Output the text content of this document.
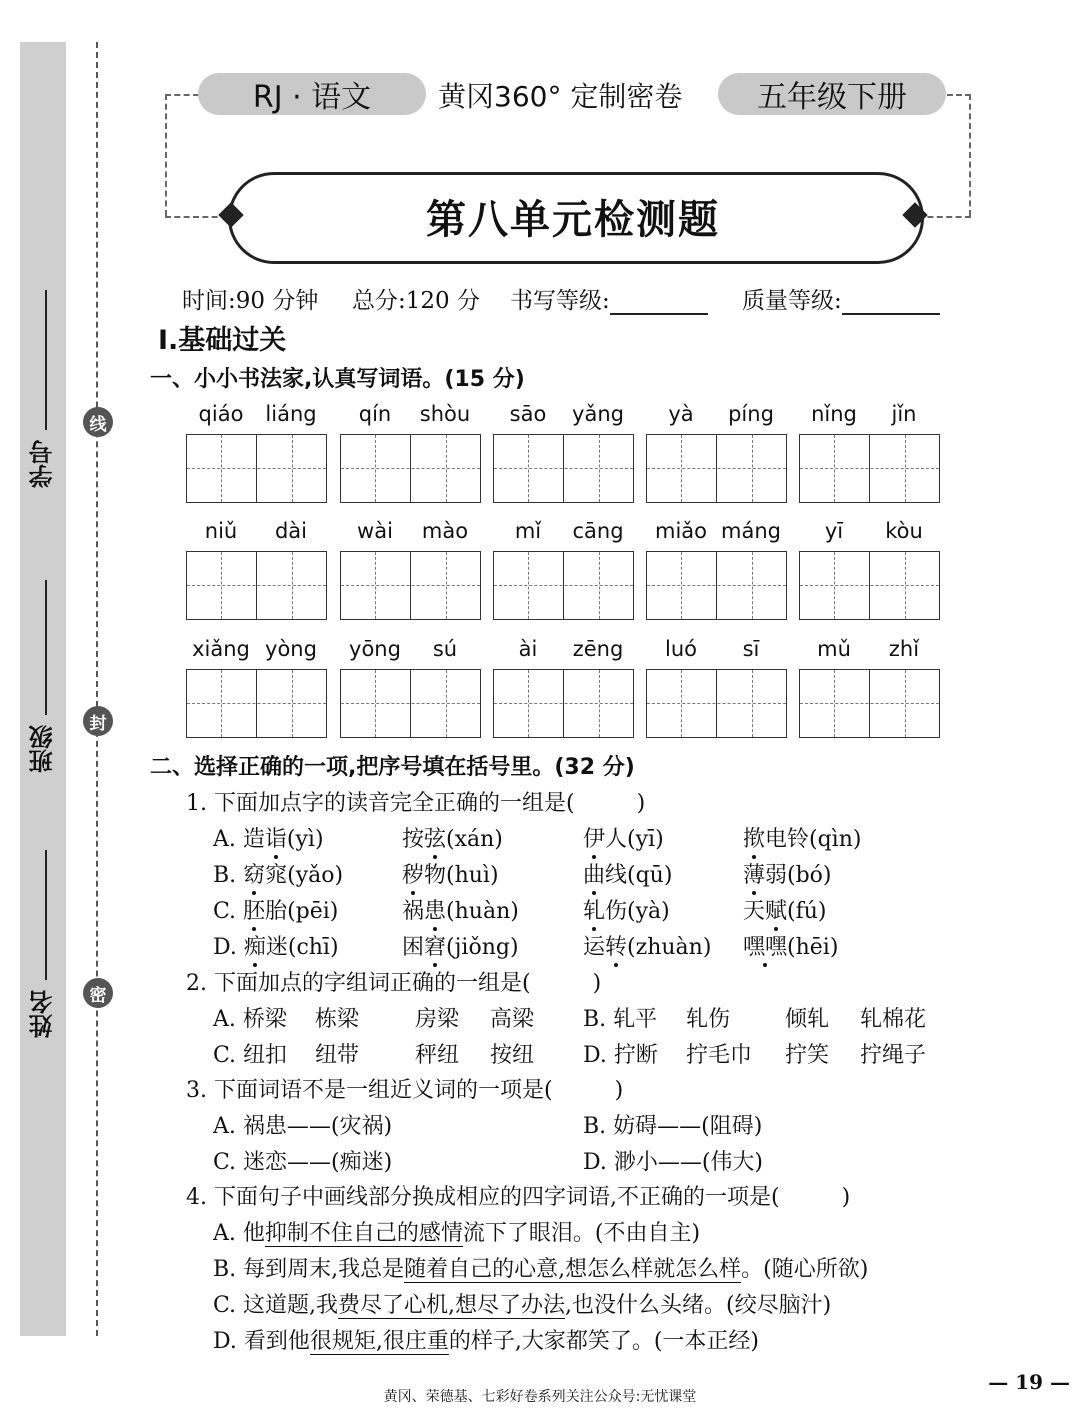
学号
班级
姓名
线
封
密
RJ · 语文	黄冈360° 定制密卷	五年级下册
第八单元检测题
时间:90 分钟 总分:120 分 书写等级:	质量等级:
Ⅰ.基础过关
一、小小书法家,认真写词语。(15 分)
qiáo	liáng	qín	shòu	sāo	yǎng	yà	píng	nǐng	jǐn
niǔ	dài	wài	mào	mǐ	cāng	miǎo máng	yī	kòu
xiǎng yòng	yōng	sú	ài	zēng	luó	sī	mǔ	zhǐ
二、选择正确的一项,把序号填在括号里。(32 分)
1. 下面加点字的读音完全正确的一组是(	)
A. 造诣(yì)	按弦(xán)	伊人(yī)	揿电铃(qìn)
B. 窈窕(yǎo)	秽物(huì)	曲线(qū)	薄弱(bó)
C. 胚胎(pēi)	祸患(huàn)	轧伤(yà)	天赋(fú)
D. 痴迷(chī)	困窘(jiǒng)	运转(zhuàn) 嘿嘿(hēi)
2. 下面加点的字组词正确的一组是(	)
A. 桥梁 栋梁	房梁 高梁 B. 轧平 轧伤 倾轧 轧棉花
C. 纽扣 纽带	秤纽 按纽 D. 拧断 拧毛巾 拧笑 拧绳子
3. 下面词语不是一组近义词的一项是(	)
A. 祸患——(灾祸)	B. 妨碍——(阻碍)
C. 迷恋——(痴迷)	D. 渺小——(伟大)
4. 下面句子中画线部分换成相应的四字词语,不正确的一项是(	)
A. 他抑制不住自己的感情流下了眼泪。(不由自主)
B. 每到周末,我总是随着自己的心意,想怎么样就怎么样。(随心所欲)
C. 这道题,我费尽了心机,想尽了办法,也没什么头绪。(绞尽脑汁)
D. 看到他很规矩,很庄重的样子,大家都笑了。(一本正经)
黄冈、荣德基、七彩好卷系列关注公众号:无忧课堂
— 19 —
